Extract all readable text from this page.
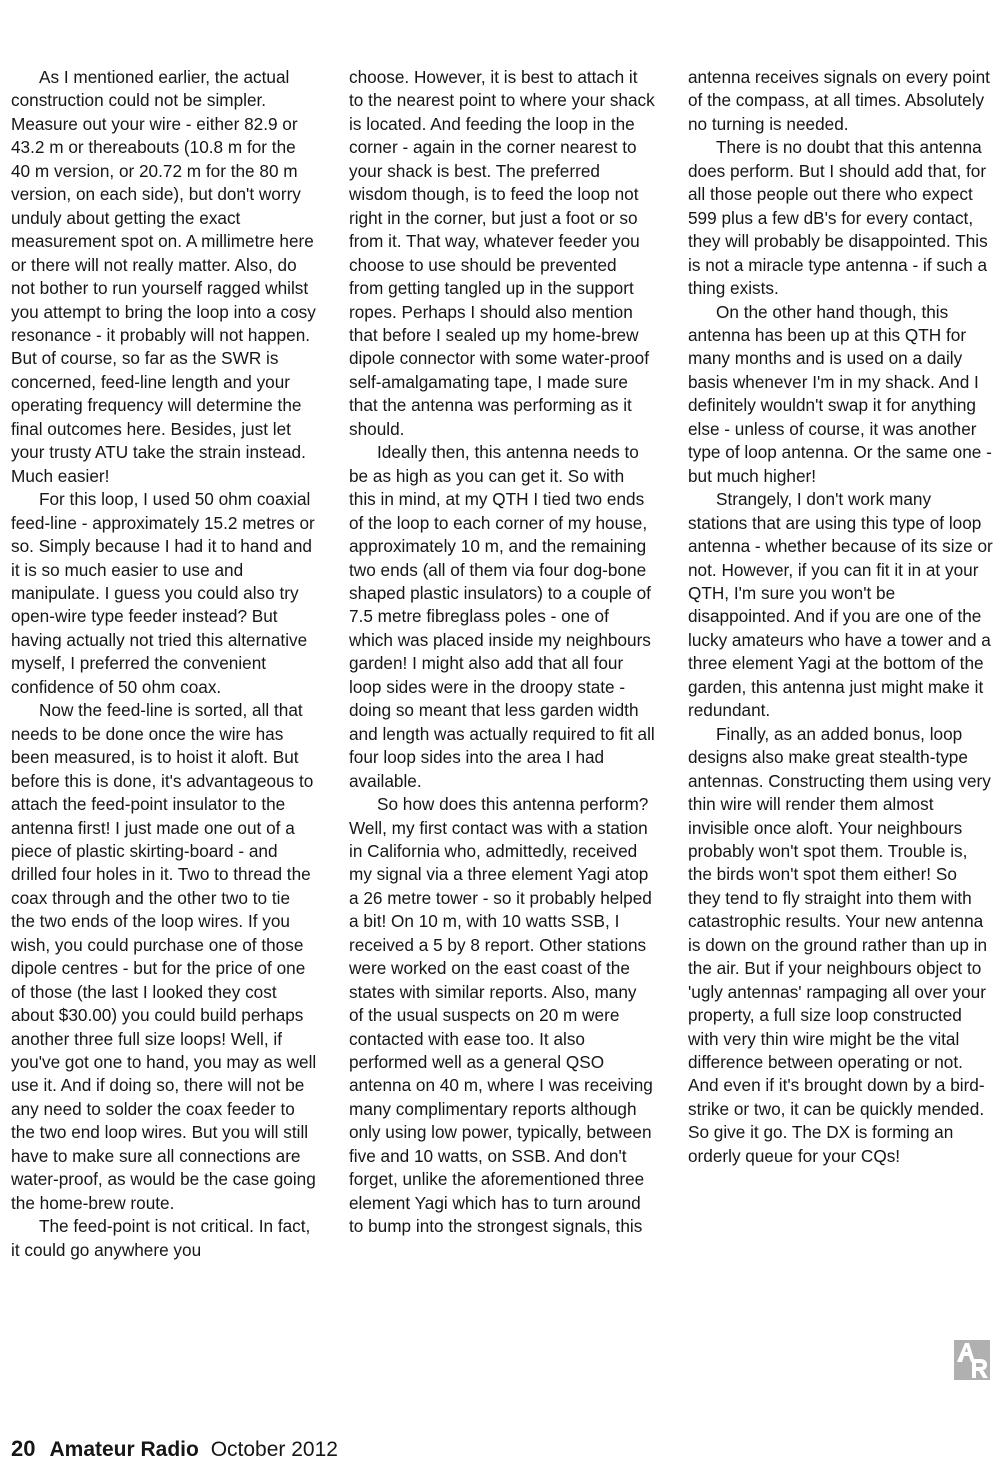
As I mentioned earlier, the actual construction could not be simpler. Measure out your wire - either 82.9 or 43.2 m or thereabouts (10.8 m for the 40 m version, or 20.72 m for the 80 m version, on each side), but don't worry unduly about getting the exact measurement spot on. A millimetre here or there will not really matter. Also, do not bother to run yourself ragged whilst you attempt to bring the loop into a cosy resonance - it probably will not happen. But of course, so far as the SWR is concerned, feed-line length and your operating frequency will determine the final outcomes here. Besides, just let your trusty ATU take the strain instead. Much easier!

For this loop, I used 50 ohm coaxial feed-line - approximately 15.2 metres or so. Simply because I had it to hand and it is so much easier to use and manipulate. I guess you could also try open-wire type feeder instead? But having actually not tried this alternative myself, I preferred the convenient confidence of 50 ohm coax.

Now the feed-line is sorted, all that needs to be done once the wire has been measured, is to hoist it aloft. But before this is done, it's advantageous to attach the feed-point insulator to the antenna first! I just made one out of a piece of plastic skirting-board - and drilled four holes in it. Two to thread the coax through and the other two to tie the two ends of the loop wires. If you wish, you could purchase one of those dipole centres - but for the price of one of those (the last I looked they cost about $30.00) you could build perhaps another three full size loops! Well, if you've got one to hand, you may as well use it. And if doing so, there will not be any need to solder the coax feeder to the two end loop wires. But you will still have to make sure all connections are water-proof, as would be the case going the home-brew route.

The feed-point is not critical. In fact, it could go anywhere you

choose. However, it is best to attach it to the nearest point to where your shack is located. And feeding the loop in the corner - again in the corner nearest to your shack is best. The preferred wisdom though, is to feed the loop not right in the corner, but just a foot or so from it. That way, whatever feeder you choose to use should be prevented from getting tangled up in the support ropes. Perhaps I should also mention that before I sealed up my home-brew dipole connector with some water-proof self-amalgamating tape, I made sure that the antenna was performing as it should.

Ideally then, this antenna needs to be as high as you can get it. So with this in mind, at my QTH I tied two ends of the loop to each corner of my house, approximately 10 m, and the remaining two ends (all of them via four dog-bone shaped plastic insulators) to a couple of 7.5 metre fibreglass poles - one of which was placed inside my neighbours garden! I might also add that all four loop sides were in the droopy state - doing so meant that less garden width and length was actually required to fit all four loop sides into the area I had available.

So how does this antenna perform? Well, my first contact was with a station in California who, admittedly, received my signal via a three element Yagi atop a 26 metre tower - so it probably helped a bit! On 10 m, with 10 watts SSB, I received a 5 by 8 report. Other stations were worked on the east coast of the states with similar reports. Also, many of the usual suspects on 20 m were contacted with ease too. It also performed well as a general QSO antenna on 40 m, where I was receiving many complimentary reports although only using low power, typically, between five and 10 watts, on SSB. And don't forget, unlike the aforementioned three element Yagi which has to turn around to bump into the strongest signals, this

antenna receives signals on every point of the compass, at all times. Absolutely no turning is needed.

There is no doubt that this antenna does perform. But I should add that, for all those people out there who expect 599 plus a few dB's for every contact, they will probably be disappointed. This is not a miracle type antenna - if such a thing exists.

On the other hand though, this antenna has been up at this QTH for many months and is used on a daily basis whenever I'm in my shack. And I definitely wouldn't swap it for anything else - unless of course, it was another type of loop antenna. Or the same one - but much higher!

Strangely, I don't work many stations that are using this type of loop antenna - whether because of its size or not. However, if you can fit it in at your QTH, I'm sure you won't be disappointed. And if you are one of the lucky amateurs who have a tower and a three element Yagi at the bottom of the garden, this antenna just might make it redundant.

Finally, as an added bonus, loop designs also make great stealth-type antennas. Constructing them using very thin wire will render them almost invisible once aloft. Your neighbours probably won't spot them. Trouble is, the birds won't spot them either! So they tend to fly straight into them with catastrophic results. Your new antenna is down on the ground rather than up in the air. But if your neighbours object to 'ugly antennas' rampaging all over your property, a full size loop constructed with very thin wire might be the vital difference between operating or not. And even if it's brought down by a bird-strike or two, it can be quickly mended. So give it go. The DX is forming an orderly queue for your CQs!

20 Amateur Radio October 2012
